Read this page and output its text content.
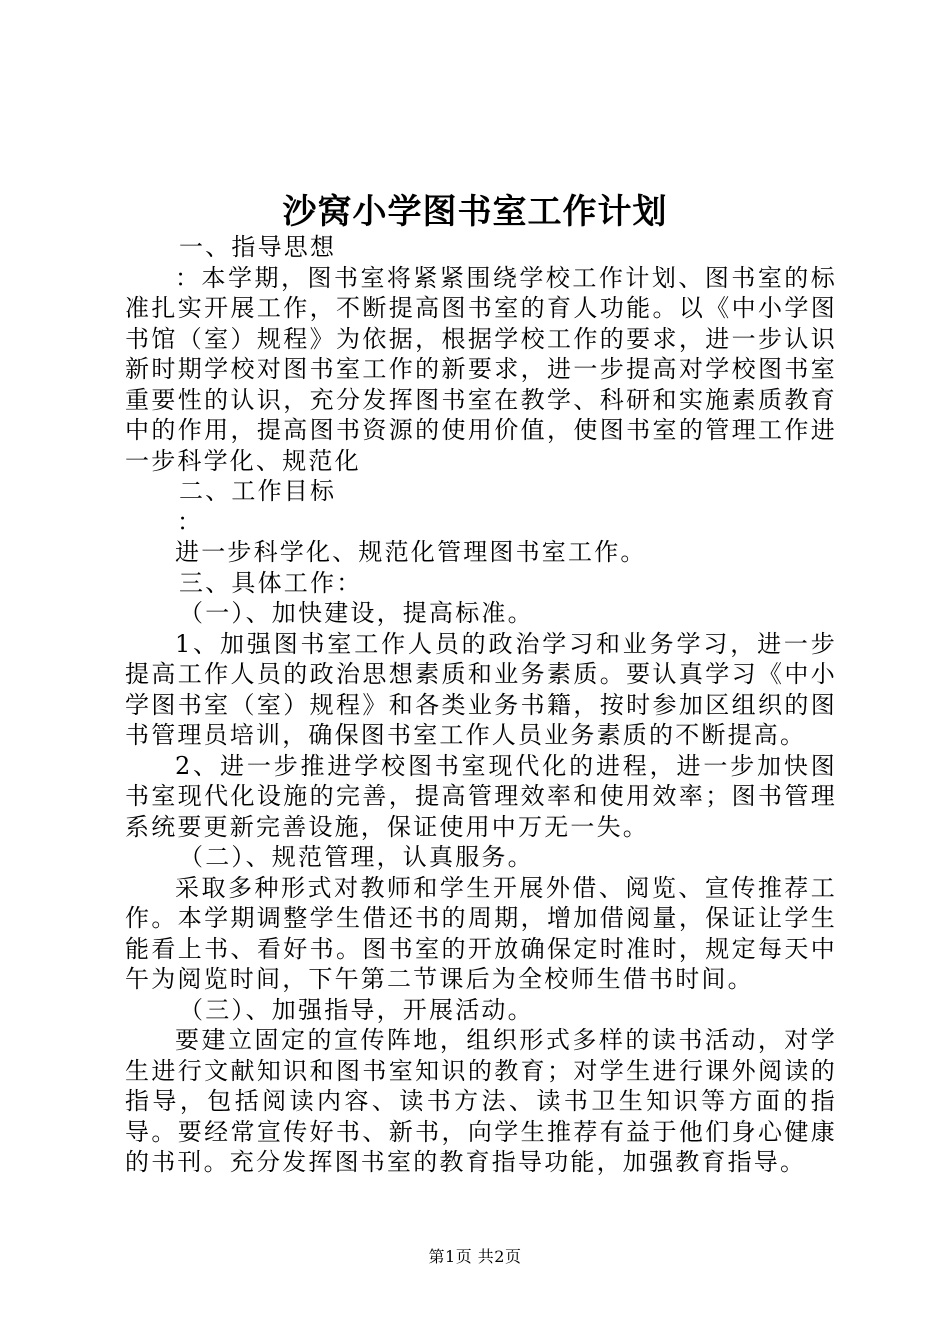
沙窝小学图书室工作计划

一、指导思想

：本学期，图书室将紧紧围绕学校工作计划、图书室的标准扎实开展工作，不断提高图书室的育人功能。以《中小学图书馆（室）规程》为依据，根据学校工作的要求，进一步认识新时期学校对图书室工作的新要求，进一步提高对学校图书室重要性的认识，充分发挥图书室在教学、科研和实施素质教育中的作用，提高图书资源的使用价值，使图书室的管理工作进一步科学化、规范化

二、工作目标

：

进一步科学化、规范化管理图书室工作。

三、具体工作：

（一）、加快建设，提高标准。

1、加强图书室工作人员的政治学习和业务学习，进一步提高工作人员的政治思想素质和业务素质。要认真学习《中小学图书室（室）规程》和各类业务书籍，按时参加区组织的图书管理员培训，确保图书室工作人员业务素质的不断提高。

2、进一步推进学校图书室现代化的进程，进一步加快图书室现代化设施的完善，提高管理效率和使用效率；图书管理系统要更新完善设施，保证使用中万无一失。

（二）、规范管理，认真服务。

采取多种形式对教师和学生开展外借、阅览、宣传推荐工作。本学期调整学生借还书的周期，增加借阅量，保证让学生能看上书、看好书。图书室的开放确保定时准时，规定每天中午为阅览时间，下午第二节课后为全校师生借书时间。

（三）、加强指导，开展活动。

要建立固定的宣传阵地，组织形式多样的读书活动，对学生进行文献知识和图书室知识的教育；对学生进行课外阅读的指导，包括阅读内容、读书方法、读书卫生知识等方面的指导。要经常宣传好书、新书，向学生推荐有益于他们身心健康的书刊。充分发挥图书室的教育指导功能，加强教育指导。

第1页 共2页
